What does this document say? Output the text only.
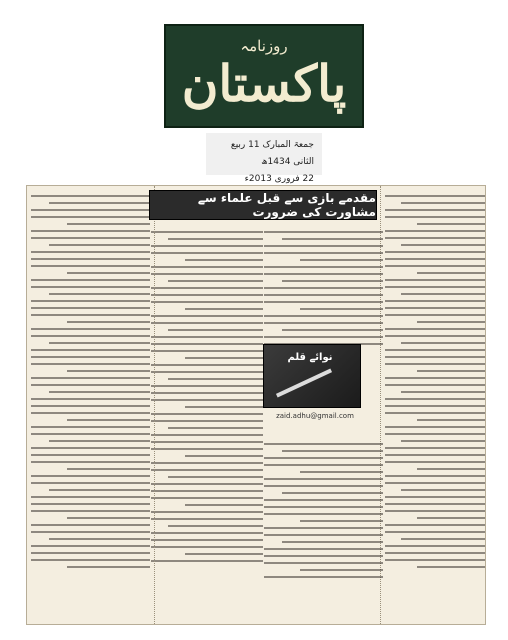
روزنامہ
پاکستان
جمعۃ المبارک 11 ربیع الثانی 1434ھ
22 فروری 2013ء
مقدمے بازی سے قبل علماء سے مشاورت کی ضرورت
نوائے قلم
zaid.adhu@gmail.com
